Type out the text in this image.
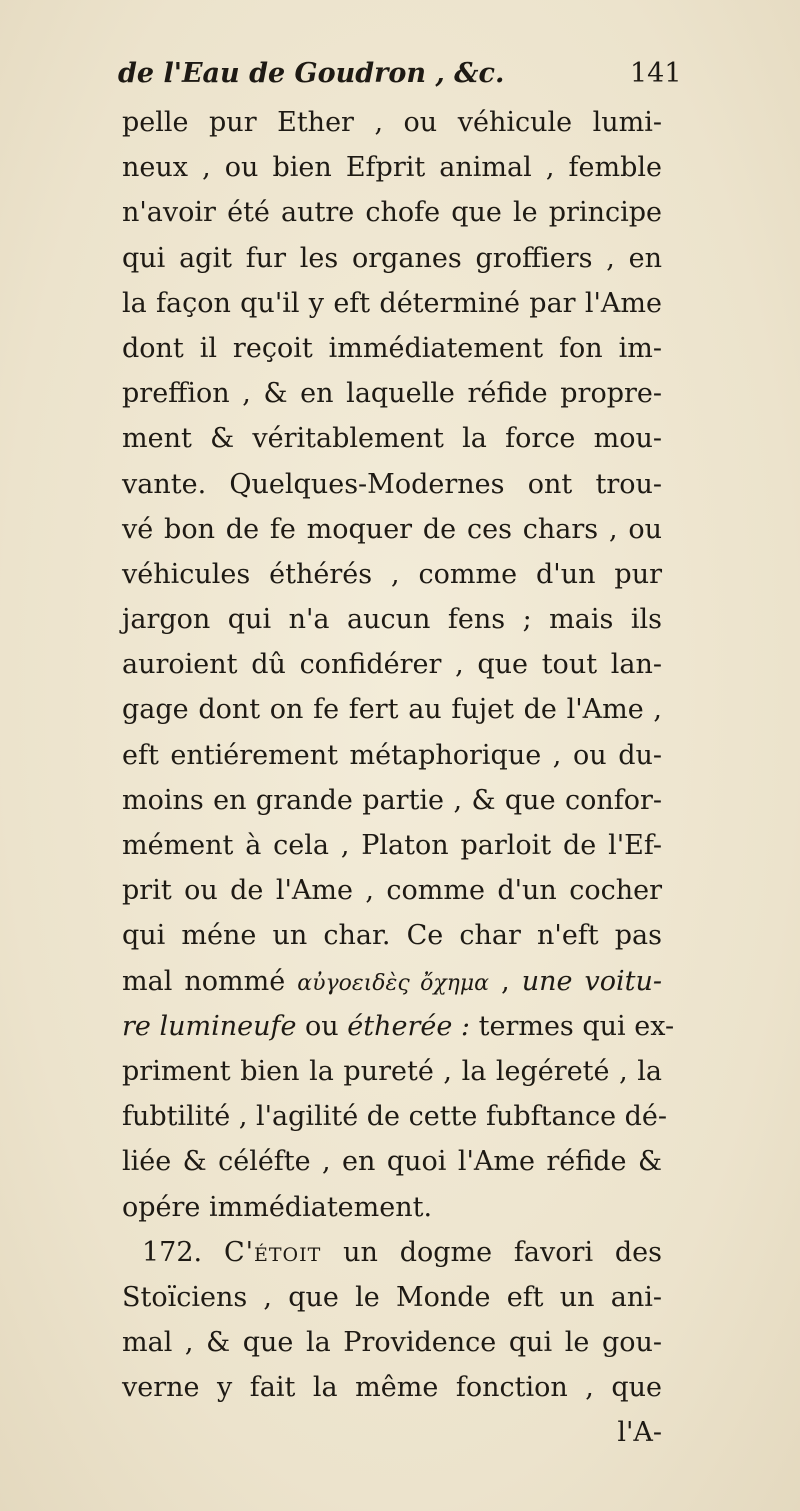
de l'Eau de Goudron , &c.	141
pelle pur Ether , ou véhicule lumi-
neux , ou bien Efprit animal , femble
n'avoir été autre chofe que le principe
qui agit fur les organes groffiers , en
la façon qu'il y eft déterminé par l'Ame
dont il reçoit immédiatement fon im-
preffion , & en laquelle réfide propre-
ment & véritablement la force mou-
vante. Quelques-Modernes ont trou-
vé bon de fe moquer de ces chars , ou
véhicules éthérés , comme d'un pur
jargon qui n'a aucun fens ; mais ils
auroient dû confidérer , que tout lan-
gage dont on fe fert au fujet de l'Ame ,
eft entiérement métaphorique , ou du-
moins en grande partie , & que confor-
mément à cela , Platon parloit de l'Ef-
prit ou de l'Ame , comme d'un cocher
qui méne un char. Ce char n'eft pas
mal nommé αὐγοειδὲς ὄχημα , une voitu-
re lumineufe ou étherée : termes qui ex-
priment bien la pureté , la legéreté , la
fubtilité , l'agilité de cette fubftance dé-
liée & céléfte , en quoi l'Ame réfide &
opére immédiatement.
172. C'étoit un dogme favori des
Stoïciens , que le Monde eft un ani-
mal , & que la Providence qui le gou-
verne y fait la même fonction , que
l'A-
